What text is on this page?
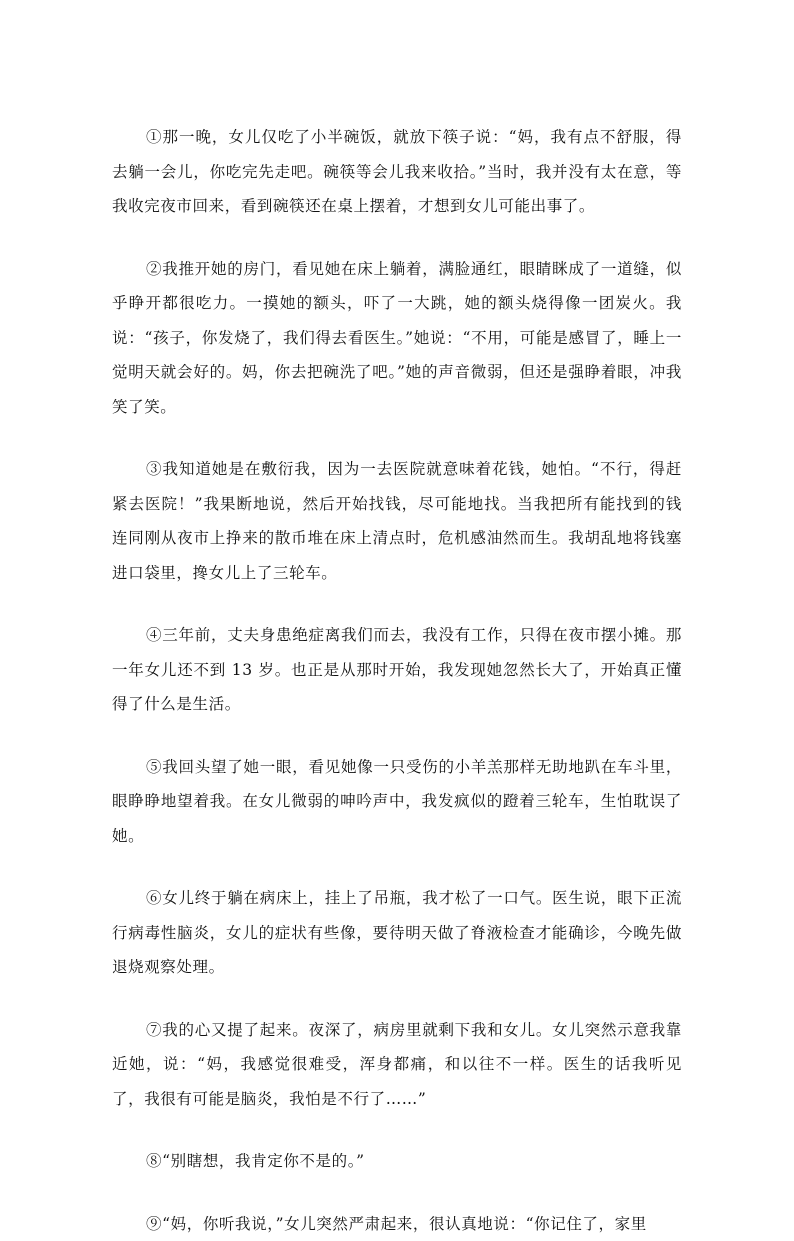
①那一晚，女儿仅吃了小半碗饭，就放下筷子说：“妈，我有点不舒服，得去躺一会儿，你吃完先走吧。碗筷等会儿我来收拾。”当时，我并没有太在意，等我收完夜市回来，看到碗筷还在桌上摆着，才想到女儿可能出事了。

②我推开她的房门，看见她在床上躺着，满脸通红，眼睛眯成了一道缝，似乎睁开都很吃力。一摸她的额头，吓了一大跳，她的额头烧得像一团炭火。我说：“孩子，你发烧了，我们得去看医生。”她说：“不用，可能是感冒了，睡上一觉明天就会好的。妈，你去把碗洗了吧。”她的声音微弱，但还是强睁着眼，冲我笑了笑。

③我知道她是在敷衍我，因为一去医院就意味着花钱，她怕。“不行，得赶紧去医院！”我果断地说，然后开始找钱，尽可能地找。当我把所有能找到的钱连同刚从夜市上挣来的散币堆在床上清点时，危机感油然而生。我胡乱地将钱塞进口袋里，搀女儿上了三轮车。

④三年前，丈夫身患绝症离我们而去，我没有工作，只得在夜市摆小摊。那一年女儿还不到 13 岁。也正是从那时开始，我发现她忽然长大了，开始真正懂得了什么是生活。

⑤我回头望了她一眼，看见她像一只受伤的小羊羔那样无助地趴在车斗里，眼睁睁地望着我。在女儿微弱的呻吟声中，我发疯似的蹬着三轮车，生怕耽误了她。

⑥女儿终于躺在病床上，挂上了吊瓶，我才松了一口气。医生说，眼下正流行病毒性脑炎，女儿的症状有些像，要待明天做了脊液检查才能确诊，今晚先做退烧观察处理。

⑦我的心又提了起来。夜深了，病房里就剩下我和女儿。女儿突然示意我靠近她，说：“妈，我感觉很难受，浑身都痛，和以往不一样。医生的话我听见了，我很有可能是脑炎，我怕是不行了……”

⑧“别瞎想，我肯定你不是的。”

⑨“妈，你听我说，”女儿突然严肃起来，很认真地说：“你记住了，家里
